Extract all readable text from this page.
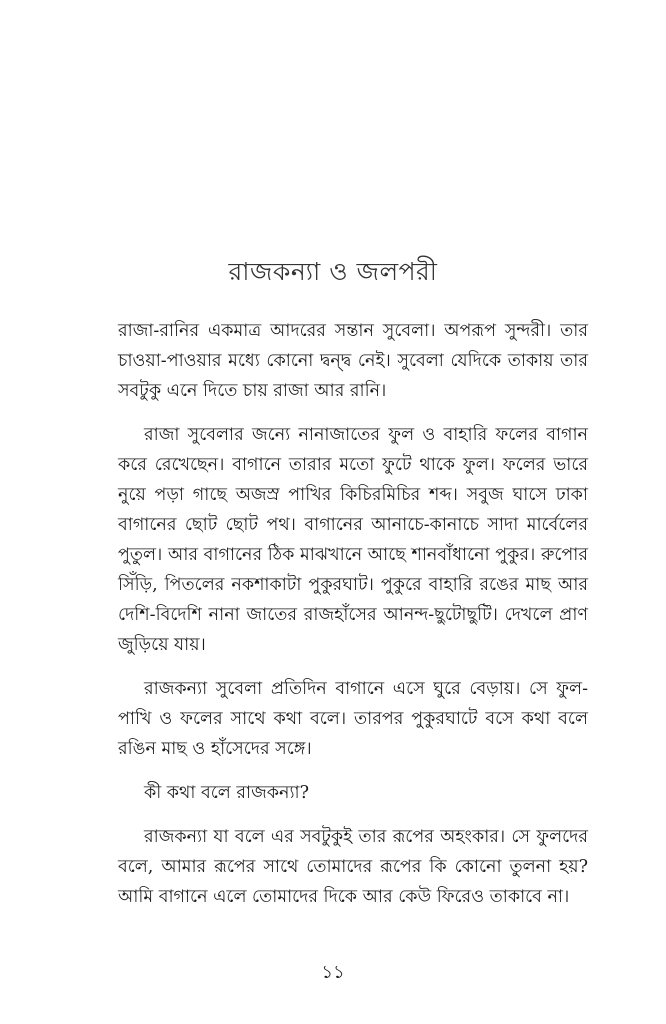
রাজকন্যা ও জলপরী

রাজা-রানির একমাত্র আদরের সন্তান সুবেলা। অপরূপ সুন্দরী। তার চাওয়া-পাওয়ার মধ্যে কোনো দ্বন্দ্ব নেই। সুবেলা যেদিকে তাকায় তার সবটুকু এনে দিতে চায় রাজা আর রানি।

রাজা সুবেলার জন্যে নানাজাতের ফুল ও বাহারি ফলের বাগান করে রেখেছেন। বাগানে তারার মতো ফুটে থাকে ফুল। ফলের ভারে নুয়ে পড়া গাছে অজস্র পাখির কিচিরমিচির শব্দ। সবুজ ঘাসে ঢাকা বাগানের ছোট ছোট পথ। বাগানের আনাচে-কানাচে সাদা মার্বেলের পুতুল। আর বাগানের ঠিক মাঝখানে আছে শানবাঁধানো পুকুর। রুপোর সিঁড়ি, পিতলের নকশাকাটা পুকুরঘাট। পুকুরে বাহারি রঙের মাছ আর দেশি-বিদেশি নানা জাতের রাজহাঁসের আনন্দ-ছুটোছুটি। দেখলে প্রাণ জুড়িয়ে যায়।

রাজকন্যা সুবেলা প্রতিদিন বাগানে এসে ঘুরে বেড়ায়। সে ফুল-পাখি ও ফলের সাথে কথা বলে। তারপর পুকুরঘাটে বসে কথা বলে রঙিন মাছ ও হাঁসেদের সঙ্গে।

কী কথা বলে রাজকন্যা?

রাজকন্যা যা বলে এর সবটুকুই তার রূপের অহংকার। সে ফুলদের বলে, আমার রূপের সাথে তোমাদের রূপের কি কোনো তুলনা হয়? আমি বাগানে এলে তোমাদের দিকে আর কেউ ফিরেও তাকাবে না।

১১
